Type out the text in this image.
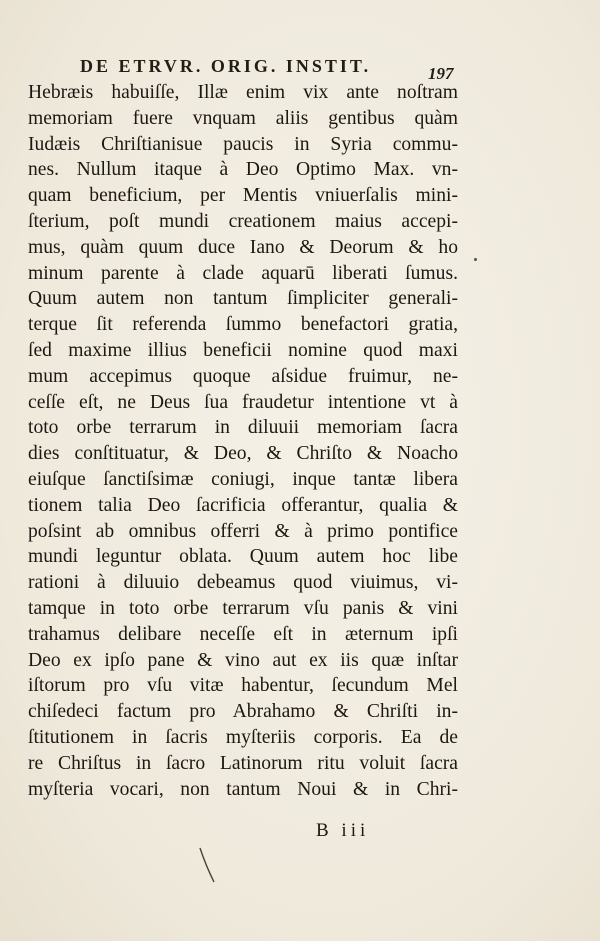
DE ETRVR. ORIG. INSTIT.	197
Hebræis habuiſſe, Illæ enim vix ante noſtram
memoriam fuere vnquam aliis gentibus quàm
Iudæis Chriſtianisue paucis in Syria commu-
nes. Nullum itaque à Deo Optimo Max. vn-
quam beneficium, per Mentis vniuerſalis mini-
ſterium, poſt mundi creationem maius accepi-
mus, quàm quum duce Iano & Deorum & ho
minum parente à clade aquarū liberati ſumus.
Quum autem non tantum ſimpliciter generali-
terque ſit referenda ſummo benefactori gratia,
ſed maxime illius beneficii nomine quod maxi
mum accepimus quoque aſsidue fruimur, ne-
ceſſe eſt, ne Deus ſua fraudetur intentione vt à
toto orbe terrarum in diluuii memoriam ſacra
dies conſtituatur, & Deo, & Chriſto & Noacho
eiuſque ſanctiſsimæ coniugi, inque tantæ libera
tionem talia Deo ſacrificia offerantur, qualia &
poſsint ab omnibus offerri & à primo pontifice
mundi leguntur oblata. Quum autem hoc libe
rationi à diluuio debeamus quod viuimus, vi-
tamque in toto orbe terrarum vſu panis & vini
trahamus delibare neceſſe eſt in æternum ipſi
Deo ex ipſo pane & vino aut ex iis quæ inſtar
iſtorum pro vſu vitæ habentur, ſecundum Mel
chiſedeci factum pro Abrahamo & Chriſti in-
ſtitutionem in ſacris myſteriis corporis. Ea de
re Chriſtus in ſacro Latinorum ritu voluit ſacra
myſteria vocari, non tantum Noui & in Chri-
B iii
